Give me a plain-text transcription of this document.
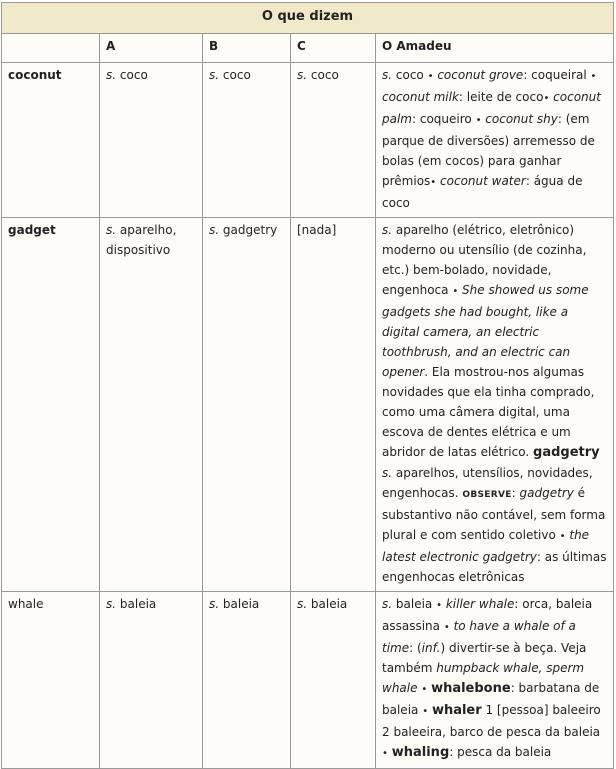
O que dizem				
	A	B	C	O Amadeu
coconut	s. coco	s. coco	s. coco	s. coco • coconut grove: coqueiral • coconut milk: leite de coco• coconut palm: coqueiro • coconut shy: (em parque de diversões) arremesso de bolas (em cocos) para ganhar prêmios• coconut water: água de coco
gadget	s. aparelho, dispositivo	s. gadgetry	[nada]	s. aparelho (elétrico, eletrônico) moderno ou utensílio (de cozinha, etc.) bem-bolado, novidade, engenhoca • She showed us some gadgets she had bought, like a digital camera, an electric toothbrush, and an electric can opener. Ela mostrou-nos algumas novidades que ela tinha comprado, como uma câmera digital, uma escova de dentes elétrica e um abridor de latas elétrico. gadgetry s. aparelhos, utensílios, novidades, engenhocas. OBSERVE: gadgetry é substantivo não contável, sem forma plural e com sentido coletivo • the latest electronic gadgetry: as últimas engenhocas eletrônicas
whale	s. baleia	s. baleia	s. baleia	s. baleia • killer whale: orca, baleia assassina • to have a whale of a time: (inf.) divertir-se à beça. Veja também humpback whale, sperm whale • whalebone: barbatana de baleia • whaler 1 [pessoa] baleeiro 2 baleeira, barco de pesca da baleia • whaling: pesca da baleia
